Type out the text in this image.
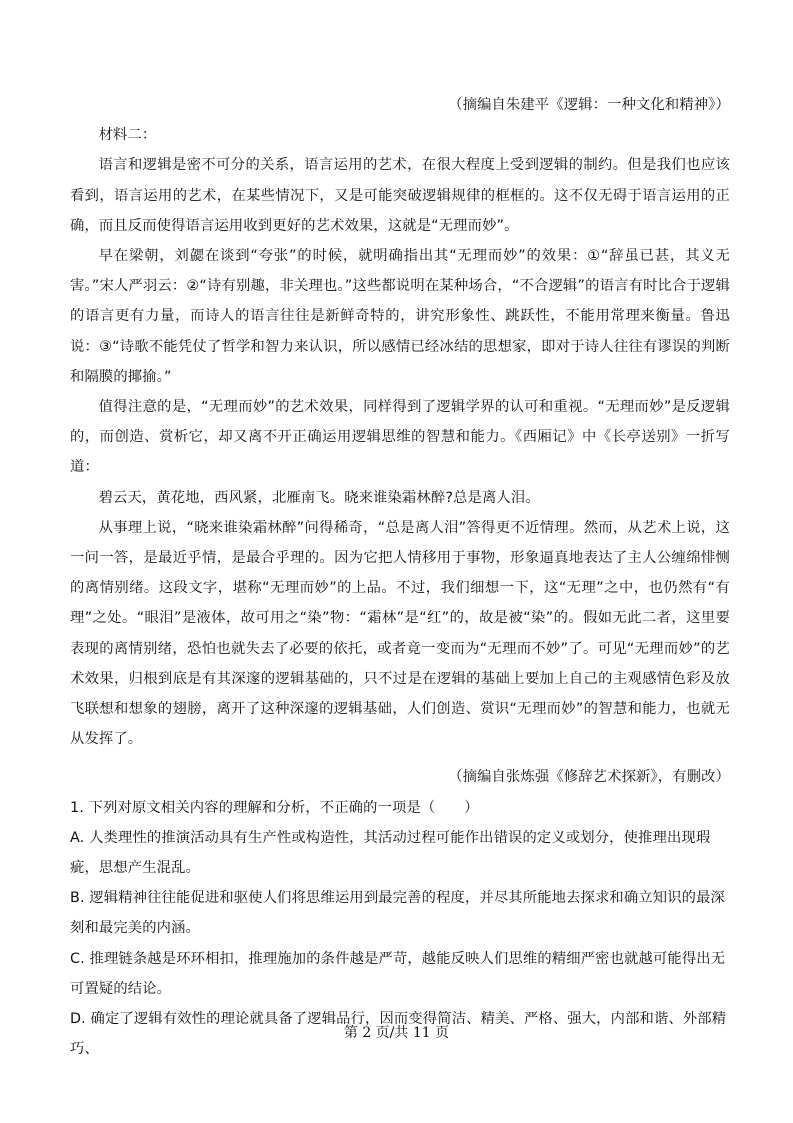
（摘编自朱建平《逻辑：一种文化和精神》）

材料二：

语言和逻辑是密不可分的关系，语言运用的艺术，在很大程度上受到逻辑的制约。但是我们也应该看到，语言运用的艺术，在某些情况下，又是可能突破逻辑规律的框框的。这不仅无碍于语言运用的正确，而且反而使得语言运用收到更好的艺术效果，这就是“无理而妙”。

早在梁朝，刘勰在谈到“夸张”的时候，就明确指出其“无理而妙”的效果：①“辞虽已甚，其义无害。”宋人严羽云：②“诗有别趣，非关理也。”这些都说明在某种场合，“不合逻辑”的语言有时比合于逻辑的语言更有力量，而诗人的语言往往是新鲜奇特的，讲究形象性、跳跃性，不能用常理来衡量。鲁迅说：③“诗歌不能凭仗了哲学和智力来认识，所以感情已经冰结的思想家，即对于诗人往往有谬误的判断和隔膜的揶揄。”

值得注意的是，“无理而妙”的艺术效果，同样得到了逻辑学界的认可和重视。“无理而妙”是反逻辑的，而创造、赏析它，却又离不开正确运用逻辑思维的智慧和能力。《西厢记》中《长亭送别》一折写道：

碧云天，黄花地，西风紧，北雁南飞。晓来谁染霜林醉?总是离人泪。

从事理上说，“晓来谁染霜林醉”问得稀奇，“总是离人泪”答得更不近情理。然而，从艺术上说，这一问一答，是最近乎情，是最合乎理的。因为它把人情移用于事物，形象逼真地表达了主人公缠绵悱恻的离情别绪。这段文字，堪称“无理而妙”的上品。不过，我们细想一下，这“无理”之中，也仍然有“有理”之处。“眼泪”是液体，故可用之“染”物：“霜林”是“红”的，故是被“染”的。假如无此二者，这里要表现的离情别绪，恐怕也就失去了必要的依托，或者竟一变而为“无理而不妙”了。可见“无理而妙”的艺术效果，归根到底是有其深邃的逻辑基础的，只不过是在逻辑的基础上要加上自己的主观感情色彩及放飞联想和想象的翅膀，离开了这种深邃的逻辑基础，人们创造、赏识“无理而妙”的智慧和能力，也就无从发挥了。

（摘编自张炼强《修辞艺术探新》，有删改）

1. 下列对原文相关内容的理解和分析，不正确的一项是（　　）

A. 人类理性的推演活动具有生产性或构造性，其活动过程可能作出错误的定义或划分，使推理出现瑕疵，思想产生混乱。

B. 逻辑精神往往能促进和驱使人们将思维运用到最完善的程度，并尽其所能地去探求和确立知识的最深刻和最完美的内涵。

C. 推理链条越是环环相扣，推理施加的条件越是严苛，越能反映人们思维的精细严密也就越可能得出无可置疑的结论。

D. 确定了逻辑有效性的理论就具备了逻辑品行，因而变得简洁、精美、严格、强大，内部和谐、外部精巧、

第 2 页/共 11 页
